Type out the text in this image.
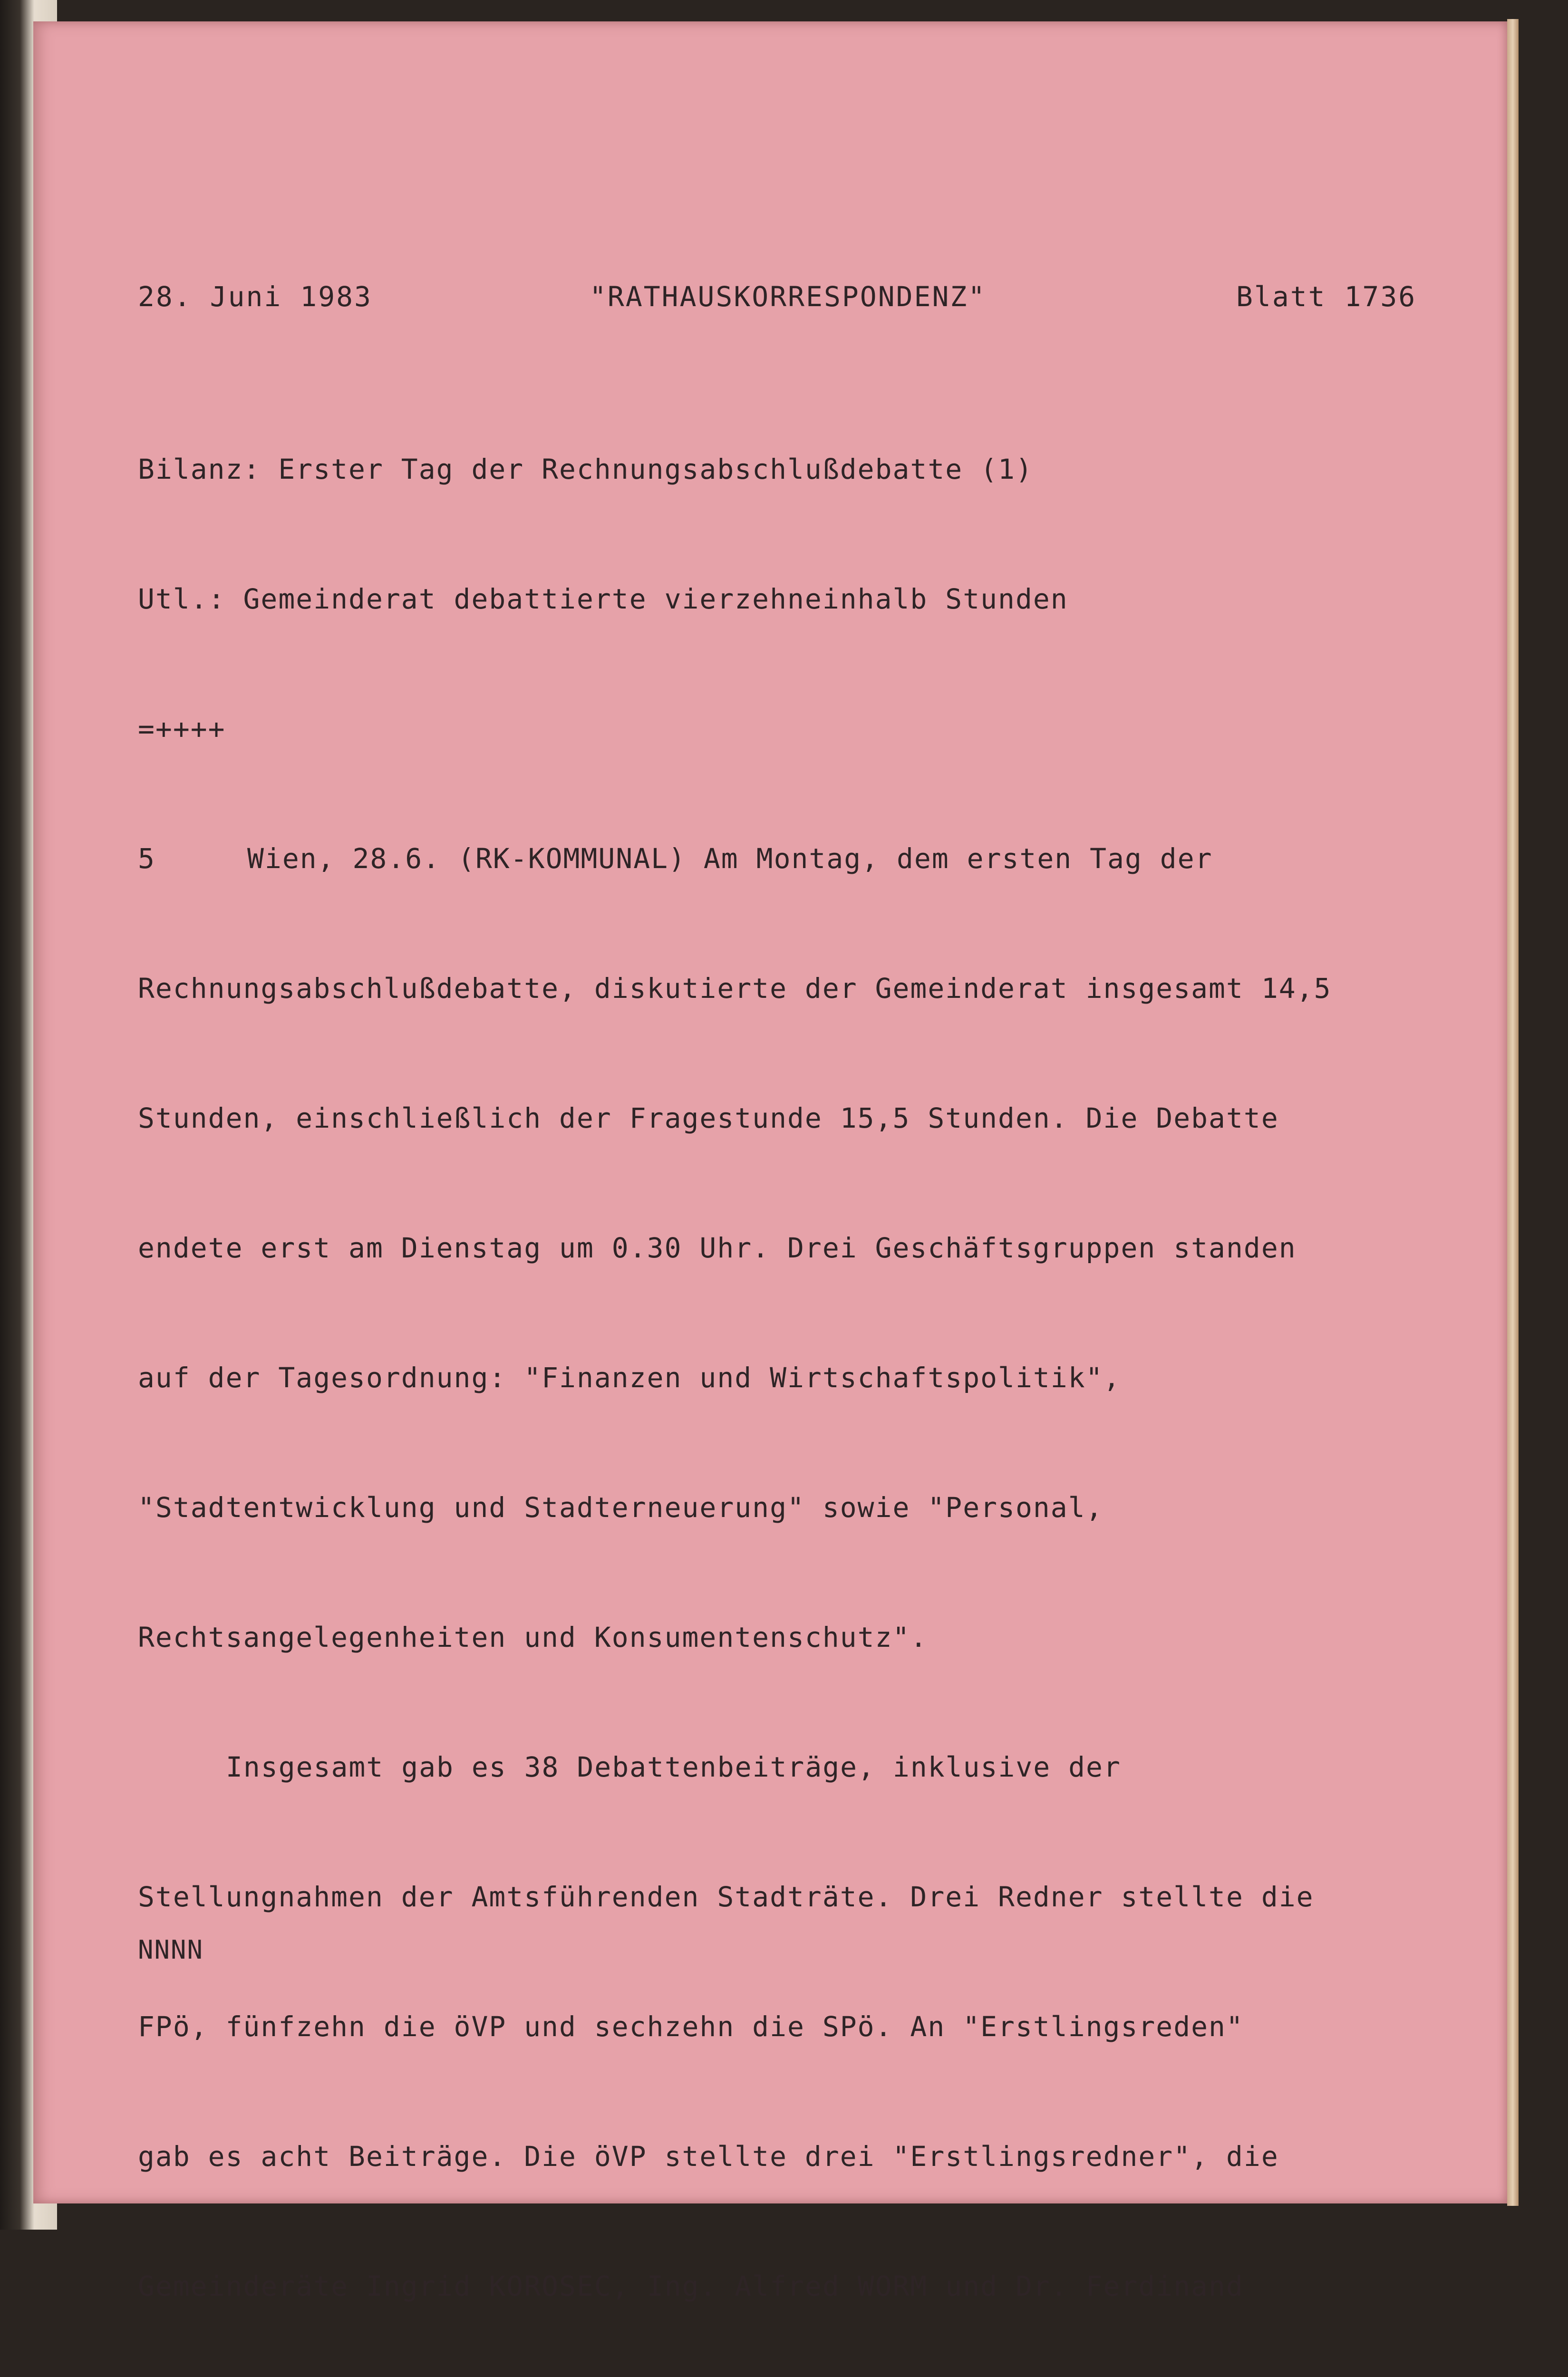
28. Juni 1983	"RATHAUSKORRESPONDENZ"	Blatt 1736

Bilanz: Erster Tag der Rechnungsabschlußdebatte (1)

Utl.: Gemeinderat debattierte vierzehneinhalb Stunden

=++++

5	Wien, 28.6. (RK-KOMMUNAL) Am Montag, dem ersten Tag der

Rechnungsabschlußdebatte, diskutierte der Gemeinderat insgesamt 14,5

Stunden, einschließlich der Fragestunde 15,5 Stunden. Die Debatte

endete erst am Dienstag um 0.30 Uhr. Drei Geschäftsgruppen standen

auf der Tagesordnung: "Finanzen und Wirtschaftspolitik",

"Stadtentwicklung und Stadterneuerung" sowie "Personal,

Rechtsangelegenheiten und Konsumentenschutz".

Insgesamt gab es 38 Debattenbeiträge, inklusive der

Stellungnahmen der Amtsführenden Stadträte. Drei Redner stellte die

FPö, fünfzehn die öVP und sechzehn die SPö. An "Erstlingsreden"

gab es acht Beiträge. Die öVP stellte drei "Erstlingsredner", die

Gemeinderäte Ingrid KOROSEC, Ing. Alfred WORM und Dr. Ferdinand

NNNN
